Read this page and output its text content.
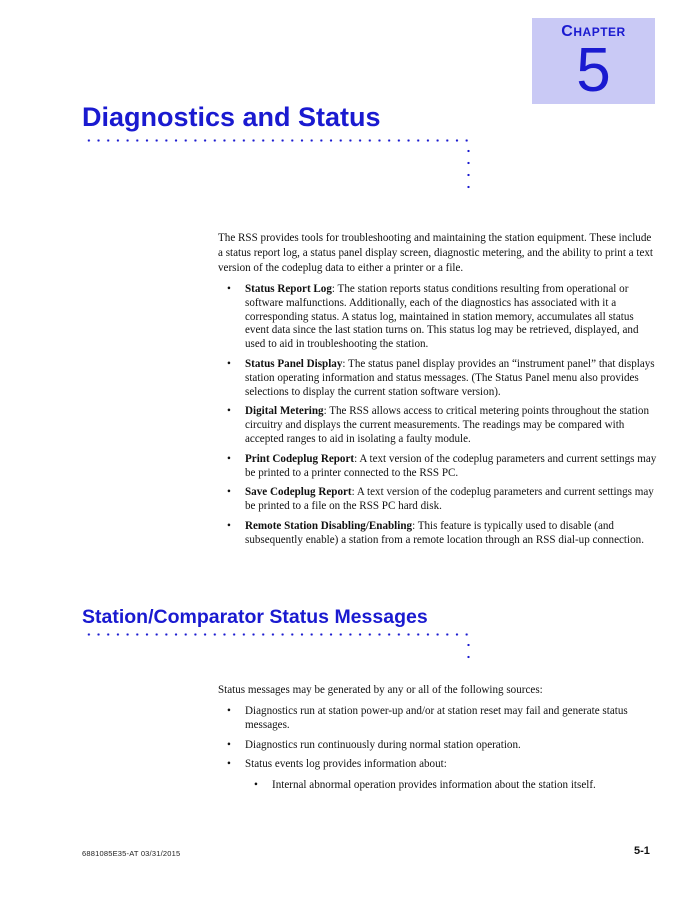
CHAPTER
5
Diagnostics and Status

The RSS provides tools for troubleshooting and maintaining the station equipment. These include a status report log, a status panel display screen, diagnostic metering, and the ability to print a text version of the codeplug data to either a printer or a file.

•	Status Report Log: The station reports status conditions resulting from operational or software malfunctions. Additionally, each of the diagnostics has associated with it a corresponding status. A status log, maintained in station memory, accumulates all status event data since the last station turns on. This status log may be retrieved, displayed, and used to aid in troubleshooting the station.
•	Status Panel Display: The status panel display provides an “instrument panel” that displays station operating information and status messages. (The Status Panel menu also provides selections to display the current station software version).
•	Digital Metering: The RSS allows access to critical metering points throughout the station circuitry and displays the current measurements. The readings may be compared with accepted ranges to aid in isolating a faulty module.
•	Print Codeplug Report: A text version of the codeplug parameters and current settings may be printed to a printer connected to the RSS PC.
•	Save Codeplug Report: A text version of the codeplug parameters and current settings may be printed to a file on the RSS PC hard disk.
•	Remote Station Disabling/Enabling: This feature is typically used to disable (and subsequently enable) a station from a remote location through an RSS dial-up connection.
Station/Comparator Status Messages

Status messages may be generated by any or all of the following sources:

•	Diagnostics run at station power-up and/or at station reset may fail and generate status messages.
•	Diagnostics run continuously during normal station operation.
•	Status events log provides information about:
•	Internal abnormal operation provides information about the station itself.
6881085E35-AT 03/31/2015	5-1
